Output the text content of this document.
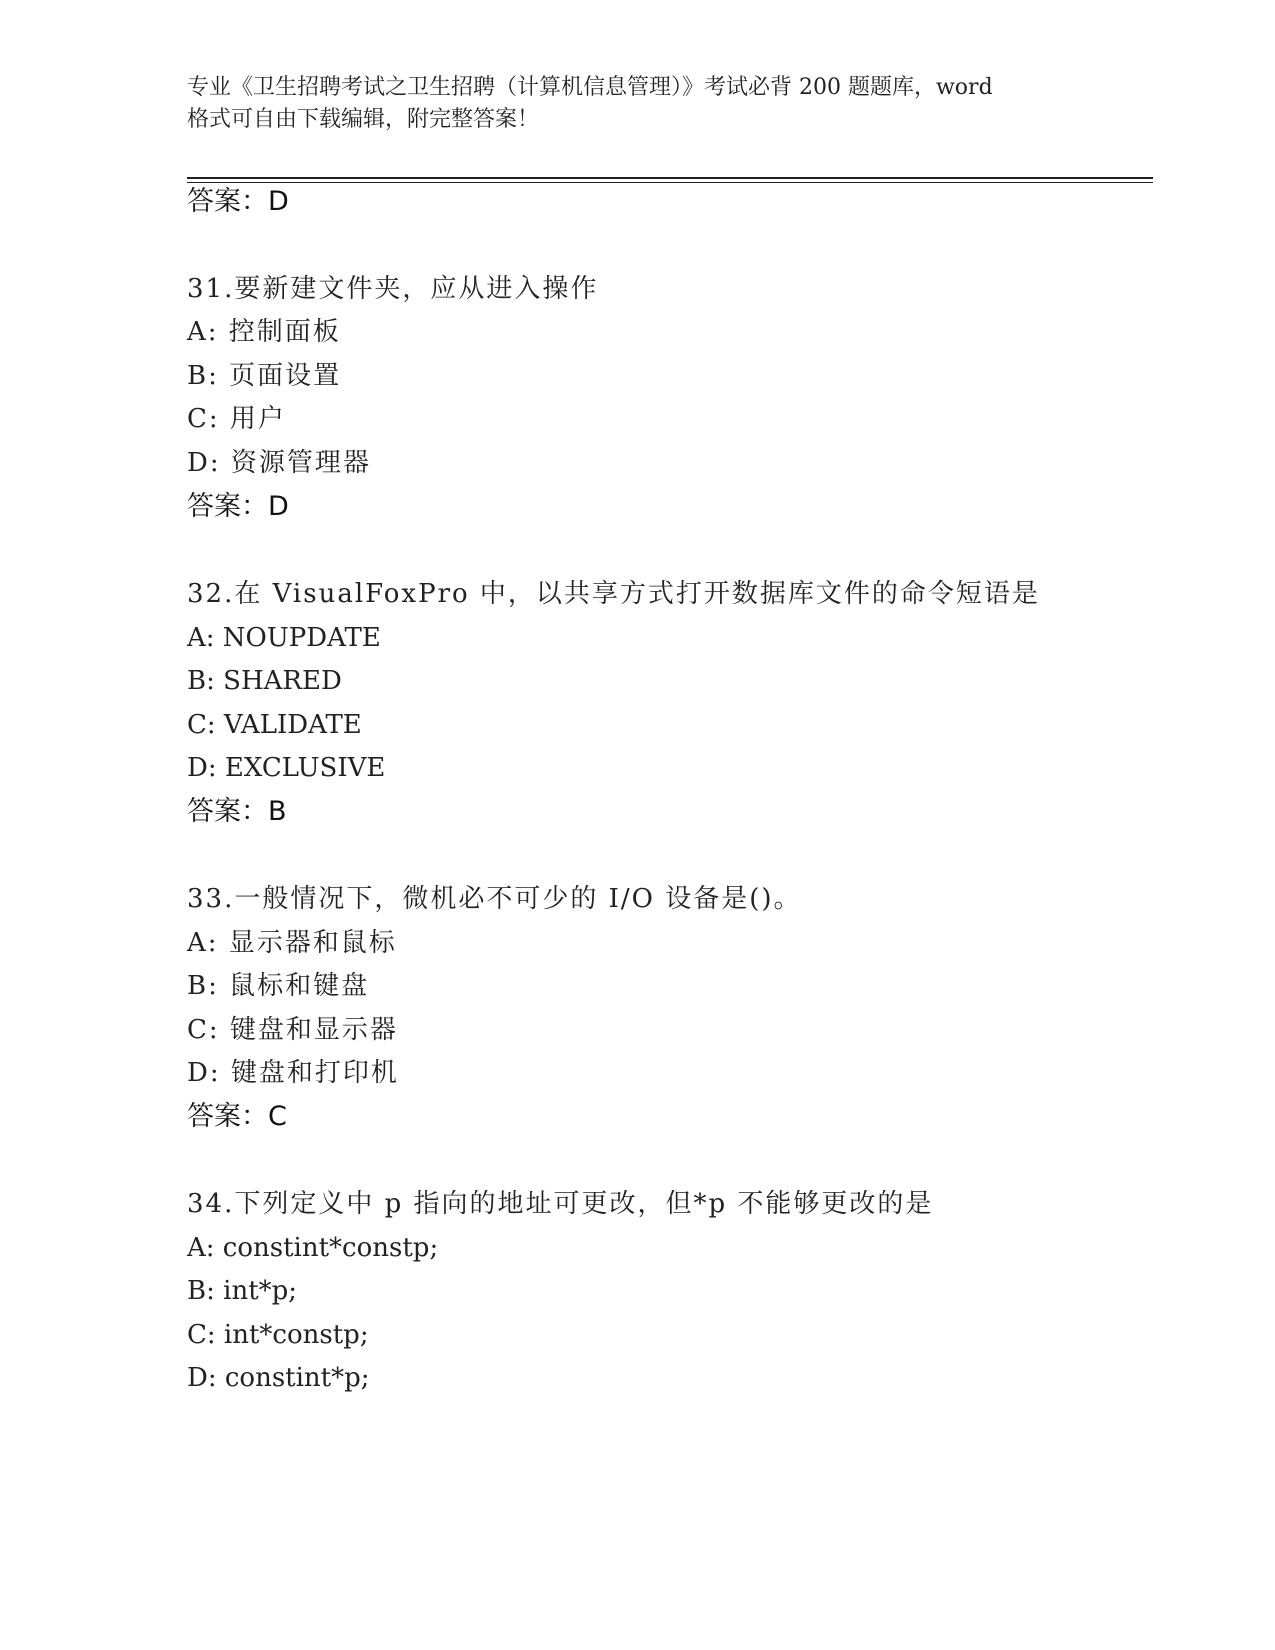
专业《卫生招聘考试之卫生招聘（计算机信息管理）》考试必背 200 题题库，word
格式可自由下载编辑，附完整答案！
答案：D
31.要新建文件夹，应从进入操作
A: 控制面板
B: 页面设置
C: 用户
D: 资源管理器
答案：D
32.在 VisualFoxPro 中，以共享方式打开数据库文件的命令短语是
A: NOUPDATE
B: SHARED
C: VALIDATE
D: EXCLUSIVE
答案：B
33.一般情况下，微机必不可少的 I/O 设备是()。
A: 显示器和鼠标
B: 鼠标和键盘
C: 键盘和显示器
D: 键盘和打印机
答案：C
34.下列定义中 p 指向的地址可更改，但*p 不能够更改的是
A: constint*constp;
B: int*p;
C: int*constp;
D: constint*p;
